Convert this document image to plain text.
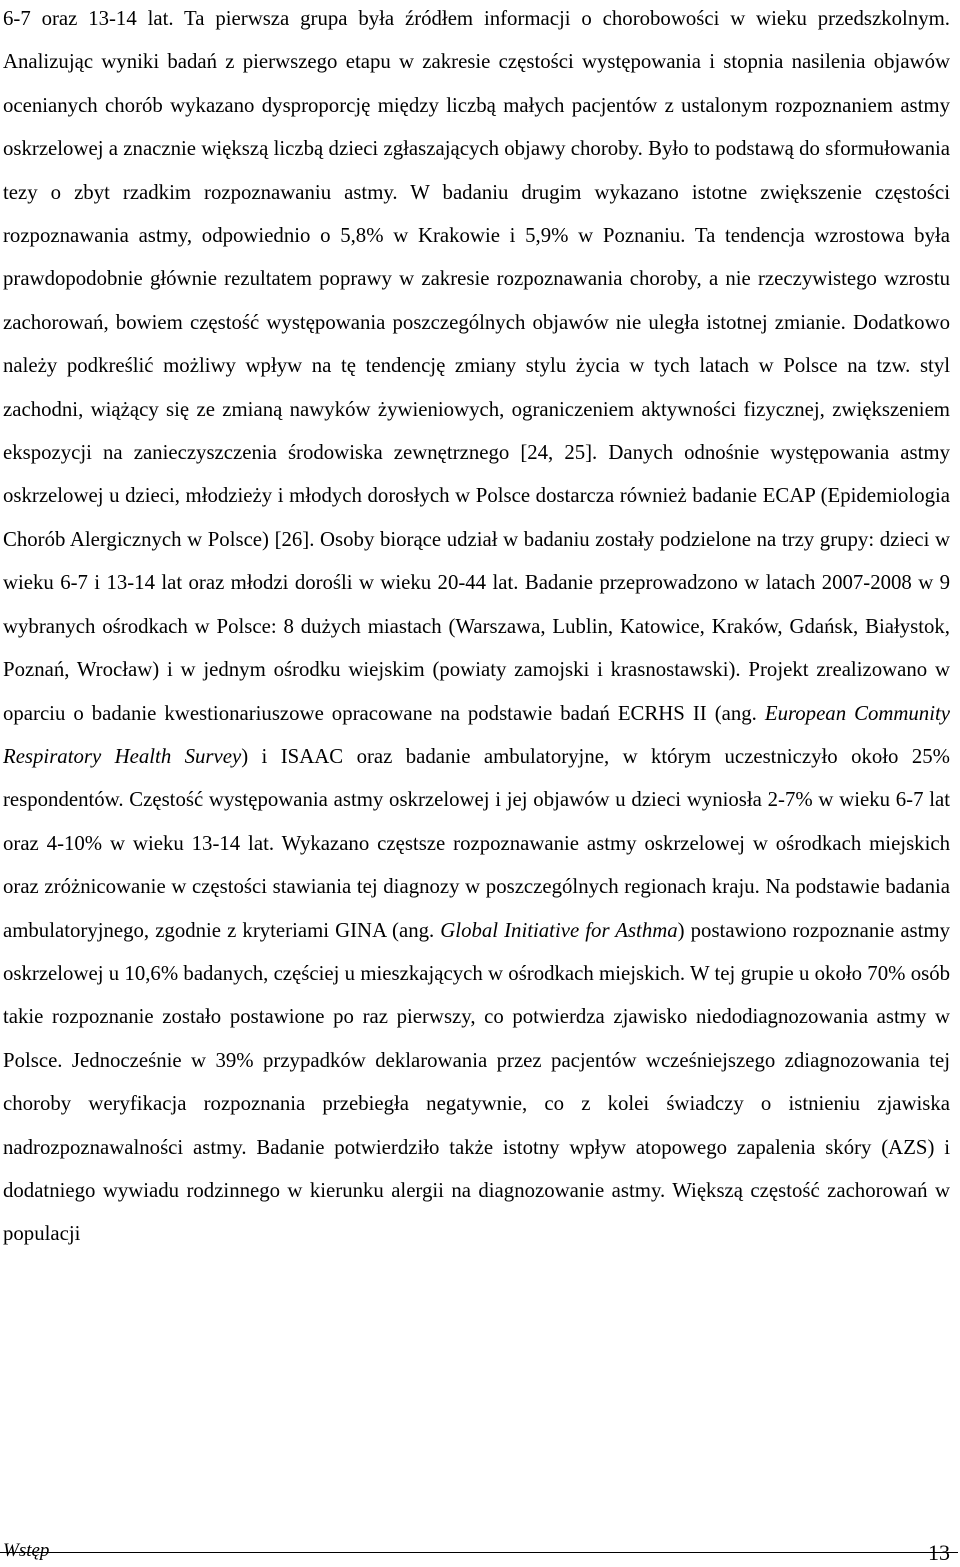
6-7 oraz 13-14 lat. Ta pierwsza grupa była źródłem informacji o chorobowości w wieku przedszkolnym. Analizując wyniki badań z pierwszego etapu w zakresie częstości występowania i stopnia nasilenia objawów ocenianych chorób wykazano dysproporcję między liczbą małych pacjentów z ustalonym rozpoznaniem astmy oskrzelowej a znacznie większą liczbą dzieci zgłaszających objawy choroby. Było to podstawą do sformułowania tezy o zbyt rzadkim rozpoznawaniu astmy. W badaniu drugim wykazano istotne zwiększenie częstości rozpoznawania astmy, odpowiednio o 5,8% w Krakowie i 5,9% w Poznaniu. Ta tendencja wzrostowa była prawdopodobnie głównie rezultatem poprawy w zakresie rozpoznawania choroby, a nie rzeczywistego wzrostu zachorowań, bowiem częstość występowania poszczególnych objawów nie uległa istotnej zmianie. Dodatkowo należy podkreślić możliwy wpływ na tę tendencję zmiany stylu życia w tych latach w Polsce na tzw. styl zachodni, wiążący się ze zmianą nawyków żywieniowych, ograniczeniem aktywności fizycznej, zwiększeniem ekspozycji na zanieczyszczenia środowiska zewnętrznego [24, 25]. Danych odnośnie występowania astmy oskrzelowej u dzieci, młodzieży i młodych dorosłych w Polsce dostarcza również badanie ECAP (Epidemiologia Chorób Alergicznych w Polsce) [26]. Osoby biorące udział w badaniu zostały podzielone na trzy grupy: dzieci w wieku 6-7 i 13-14 lat oraz młodzi dorośli w wieku 20-44 lat. Badanie przeprowadzono w latach 2007-2008 w 9 wybranych ośrodkach w Polsce: 8 dużych miastach (Warszawa, Lublin, Katowice, Kraków, Gdańsk, Białystok, Poznań, Wrocław) i w jednym ośrodku wiejskim (powiaty zamojski i krasnostawski). Projekt zrealizowano w oparciu o badanie kwestionariuszowe opracowane na podstawie badań ECRHS II (ang. European Community Respiratory Health Survey) i ISAAC oraz badanie ambulatoryjne, w którym uczestniczyło około 25% respondentów. Częstość występowania astmy oskrzelowej i jej objawów u dzieci wyniosła 2-7% w wieku 6-7 lat oraz 4-10% w wieku 13-14 lat. Wykazano częstsze rozpoznawanie astmy oskrzelowej w ośrodkach miejskich oraz zróżnicowanie w częstości stawiania tej diagnozy w poszczególnych regionach kraju. Na podstawie badania ambulatoryjnego, zgodnie z kryteriami GINA (ang. Global Initiative for Asthma) postawiono rozpoznanie astmy oskrzelowej u 10,6% badanych, częściej u mieszkających w ośrodkach miejskich. W tej grupie u około 70% osób takie rozpoznanie zostało postawione po raz pierwszy, co potwierdza zjawisko niedodiagnozowania astmy w Polsce. Jednocześnie w 39% przypadków deklarowania przez pacjentów wcześniejszego zdiagnozowania tej choroby weryfikacja rozpoznania przebiegła negatywnie, co z kolei świadczy o istnieniu zjawiska nadrozpoznawalności astmy. Badanie potwierdziło także istotny wpływ atopowego zapalenia skóry (AZS) i dodatniego wywiadu rodzinnego w kierunku alergii na diagnozowanie astmy. Większą częstość zachorowań w populacji

Wstęp	13
